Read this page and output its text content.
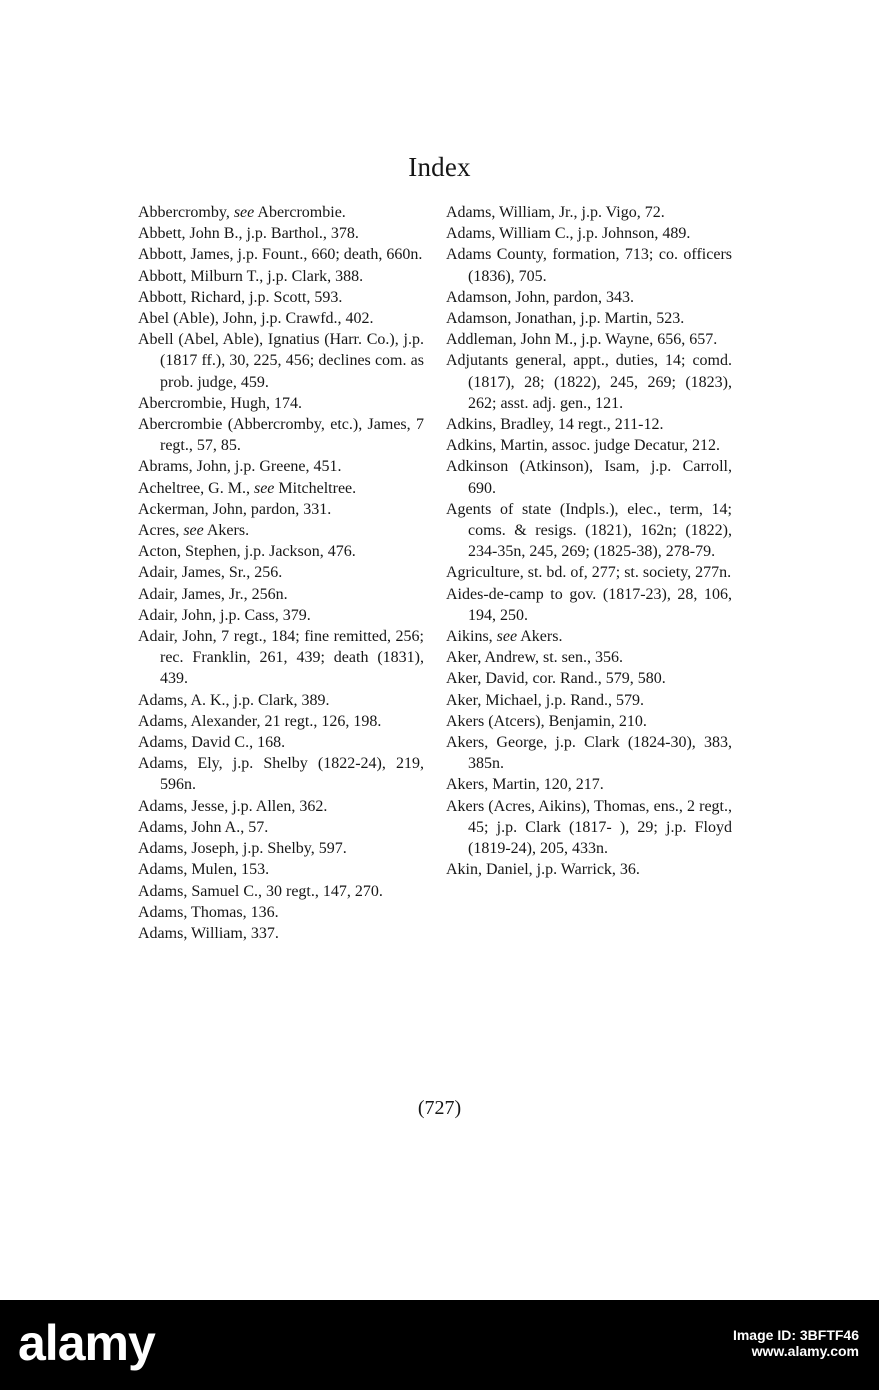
Index

Abbercromby, see Abercrombie.

Abbett, John B., j.p. Barthol., 378.

Abbott, James, j.p. Fount., 660; death, 660n.

Abbott, Milburn T., j.p. Clark, 388.

Abbott, Richard, j.p. Scott, 593.

Abel (Able), John, j.p. Crawfd., 402.

Abell (Abel, Able), Ignatius (Harr. Co.), j.p. (1817 ff.), 30, 225, 456; declines com. as prob. judge, 459.

Abercrombie, Hugh, 174.

Abercrombie (Abbercromby, etc.), James, 7 regt., 57, 85.

Abrams, John, j.p. Greene, 451.

Acheltree, G. M., see Mitcheltree.

Ackerman, John, pardon, 331.

Acres, see Akers.

Acton, Stephen, j.p. Jackson, 476.

Adair, James, Sr., 256.

Adair, James, Jr., 256n.

Adair, John, j.p. Cass, 379.

Adair, John, 7 regt., 184; fine remitted, 256; rec. Franklin, 261, 439; death (1831), 439.

Adams, A. K., j.p. Clark, 389.

Adams, Alexander, 21 regt., 126, 198.

Adams, David C., 168.

Adams, Ely, j.p. Shelby (1822-24), 219, 596n.

Adams, Jesse, j.p. Allen, 362.

Adams, John A., 57.

Adams, Joseph, j.p. Shelby, 597.

Adams, Mulen, 153.

Adams, Samuel C., 30 regt., 147, 270.

Adams, Thomas, 136.

Adams, William, 337.

Adams, William, Jr., j.p. Vigo, 72.

Adams, William C., j.p. Johnson, 489.

Adams County, formation, 713; co. officers (1836), 705.

Adamson, John, pardon, 343.

Adamson, Jonathan, j.p. Martin, 523.

Addleman, John M., j.p. Wayne, 656, 657.

Adjutants general, appt., duties, 14; comd. (1817), 28; (1822), 245, 269; (1823), 262; asst. adj. gen., 121.

Adkins, Bradley, 14 regt., 211-12.

Adkins, Martin, assoc. judge Decatur, 212.

Adkinson (Atkinson), Isam, j.p. Carroll, 690.

Agents of state (Indpls.), elec., term, 14; coms. & resigs. (1821), 162n; (1822), 234-35n, 245, 269; (1825-38), 278-79.

Agriculture, st. bd. of, 277; st. society, 277n.

Aides-de-camp to gov. (1817-23), 28, 106, 194, 250.

Aikins, see Akers.

Aker, Andrew, st. sen., 356.

Aker, David, cor. Rand., 579, 580.

Aker, Michael, j.p. Rand., 579.

Akers (Atcers), Benjamin, 210.

Akers, George, j.p. Clark (1824-30), 383, 385n.

Akers, Martin, 120, 217.

Akers (Acres, Aikins), Thomas, ens., 2 regt., 45; j.p. Clark (1817- ), 29; j.p. Floyd (1819-24), 205, 433n.

Akin, Daniel, j.p. Warrick, 36.

(727)
alamy	Image ID: 3BFTF46
www.alamy.com
